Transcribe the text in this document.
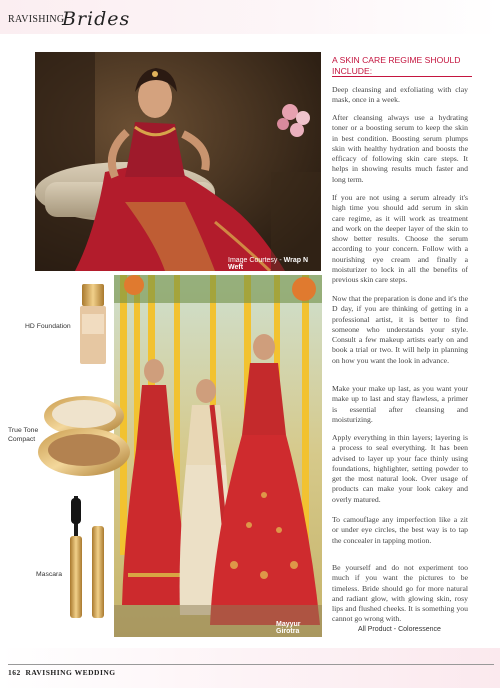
RAVISHING
Brides
Image Courtesy - Wrap N Weft
Mayyur Girotra
HD Foundation
True Tone Compact
Mascara
A SKIN CARE REGIME SHOULD INCLUDE:
Deep cleansing and exfoliating with clay mask, once in a week.
After cleansing always use a hydrating toner or a boosting serum to keep the skin in best condition. Boosting serum plumps skin with healthy hydration and boosts the efficacy of following skin care steps. It helps in showing results much faster and long term.
If you are not using a serum already it's high time you should add serum in skin care regime, as it will work as treatment and work on the deeper layer of the skin to show better results. Choose the serum according to your concern. Follow with a nourishing eye cream and finally a moisturizer to lock in all the benefits of previous skin care steps.
Now that the preparation is done and it's the D day, if you are thinking of getting in a professional artist, it is better to find someone who understands your style. Consult a few makeup artists early on and book a trial or two. It will help in planning on how you want the look in advance.
Make your make up last, as you want your make up to last and stay flawless, a primer is essential after cleansing and moisturizing.
Apply everything in thin layers; layering is a process to seal everything. It has been advised to layer up your face thinly using foundations, highlighter, setting powder to get the most natural look. Over usage of products can make your look cakey and overly matured.
To camouflage any imperfection like a zit or under eye circles, the best way is to tap the concealer in tapping motion.
Be yourself and do not experiment too much if you want the pictures to be timeless. Bride should go for more natural and radiant glow, with glowing skin, rosy lips and flushed cheeks. It is something you cannot go wrong with.
All Product - Coloressence
162 RAVISHING WEDDING
